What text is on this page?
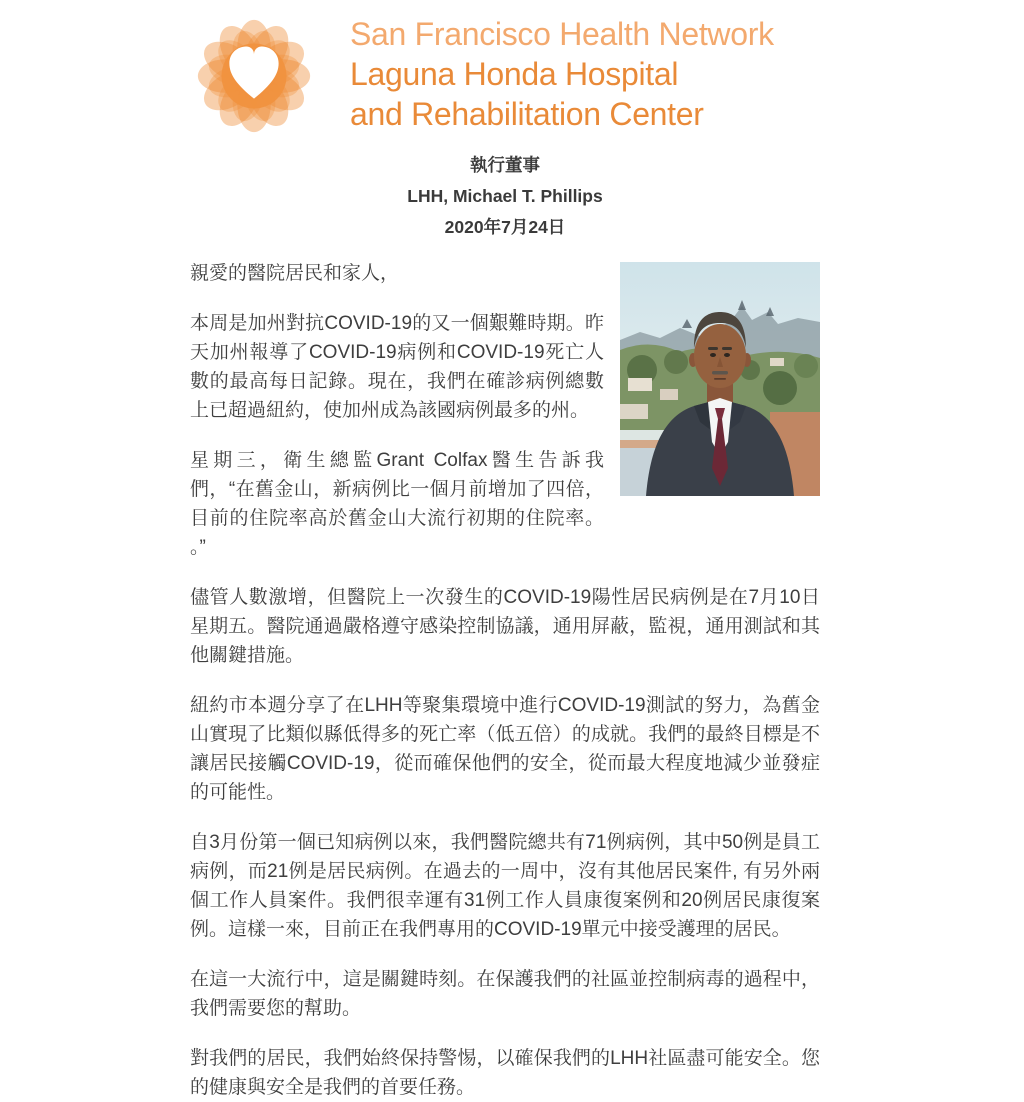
San Francisco Health Network
Laguna Honda Hospital
and Rehabilitation Center
執行董事
LHH, Michael T. Phillips
2020年7月24日

親愛的醫院居民和家人，

本周是加州對抗COVID-19的又一個艱難時期。昨天加州報導了COVID-19病例和COVID-19死亡人數的最高每日記錄。現在，我們在確診病例總數上已超過紐約，使加州成為該國病例最多的州。

星期三，衛生總監Grant Colfax醫生告訴我們，“在舊金山，新病例比一個月前增加了四倍，目前的住院率高於舊金山大流行初期的住院率。 。”

儘管人數激增，但醫院上一次發生的COVID-19陽性居民病例是在7月10日星期五。醫院通過嚴格遵守感染控制協議，通用屏蔽，監視，通用測試和其他關鍵措施。

紐約市本週分享了在LHH等聚集環境中進行COVID-19測試的努力，為舊金山實現了比類似縣低得多的死亡率（低五倍）的成就。我們的最終目標是不讓居民接觸COVID-19，從而確保他們的安全，從而最大程度地減少並發症的可能性。

自3月份第一個已知病例以來，我們醫院總共有71例病例，其中50例是員工病例，而21例是居民病例。在過去的一周中，沒有其他居民案件, 有另外兩個工作人員案件。我們很幸運有31例工作人員康復案例和20例居民康復案例。這樣一來，目前正在我們專用的COVID-19單元中接受護理的居民。

在這一大流行中，這是關鍵時刻。在保護我們的社區並控制病毒的過程中，我們需要您的幫助。

對我們的居民，我們始終保持警惕，以確保我們的LHH社區盡可能安全。您的健康與安全是我們的首要任務。
